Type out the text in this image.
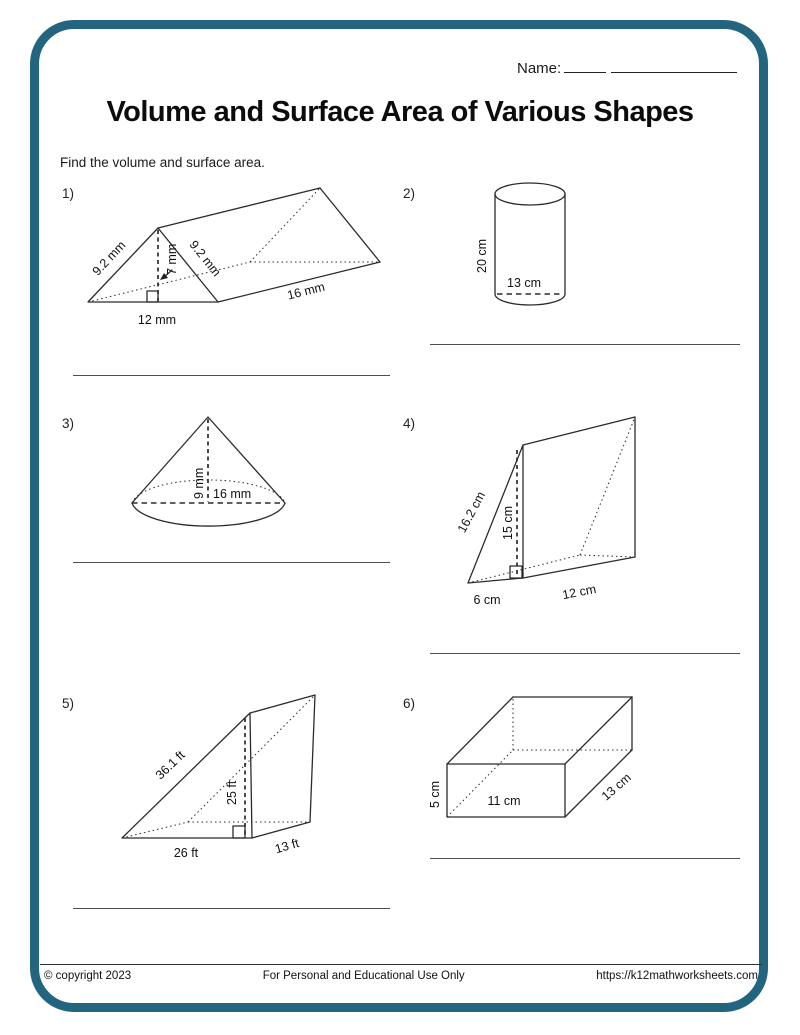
Name:
Volume and Surface Area of Various Shapes
Find the volume and surface area.
1)	2)
3)	4)
5)	6)
9.2 mm	9.2 mm
7 mm
12 mm
16 mm
20 cm
13 cm
9 mm 16 mm	16.2 cm 15 cm
6 cm	12 cm
36.1 ft
25 ft
26 ft	13 ft
5 cm	11 cm	13 cm
© copyright 2023	For Personal and Educational Use Only	https://k12mathworksheets.com
